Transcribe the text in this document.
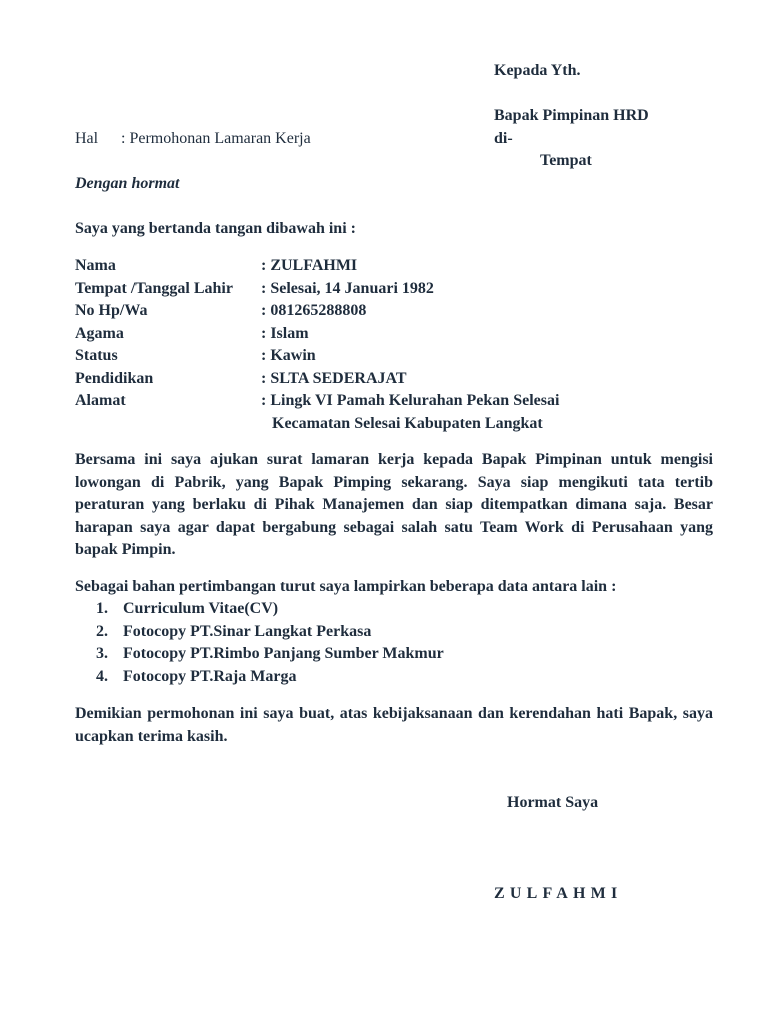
Kepada Yth.
Bapak Pimpinan HRD
di-
Tempat
Hal : Permohonan Lamaran Kerja
Dengan hormat
Saya yang bertanda tangan dibawah ini :
Nama	: ZULFAHMI
Tempat /Tanggal Lahir	: Selesai, 14 Januari 1982
No Hp/Wa	: 081265288808
Agama	: Islam
Status	: Kawin
Pendidikan	: SLTA SEDERAJAT
Alamat	: Lingk VI Pamah Kelurahan Pekan Selesai
Kecamatan Selesai Kabupaten Langkat
Bersama ini saya ajukan surat lamaran kerja kepada Bapak Pimpinan untuk mengisi lowongan di Pabrik, yang Bapak Pimping sekarang. Saya siap mengikuti tata tertib peraturan yang berlaku di Pihak Manajemen dan siap ditempatkan dimana saja. Besar harapan saya agar dapat bergabung sebagai salah satu Team Work di Perusahaan yang bapak Pimpin.
Sebagai bahan pertimbangan turut saya lampirkan beberapa data antara lain :
1. Curriculum Vitae(CV)
2. Fotocopy PT.Sinar Langkat Perkasa
3. Fotocopy PT.Rimbo Panjang Sumber Makmur
4. Fotocopy PT.Raja Marga
Demikian permohonan ini saya buat, atas kebijaksanaan dan kerendahan hati Bapak, saya ucapkan terima kasih.
Hormat Saya
ZULFAHMI
